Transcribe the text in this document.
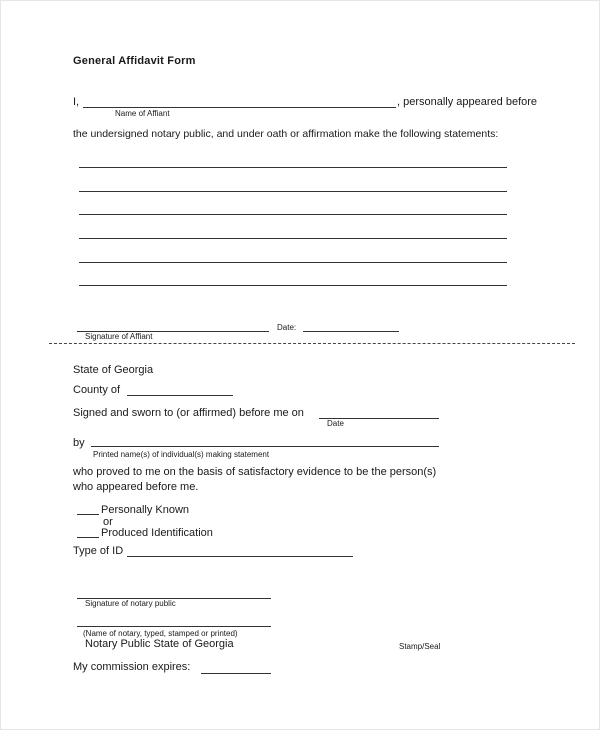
General Affidavit Form
I,	, personally appeared before
Name of Affiant
the undersigned notary public, and under oath or affirmation make the following statements:
Signature of Affiant
Date:
State of Georgia
County of
Signed and sworn to (or affirmed) before me on
Date
by
Printed name(s) of individual(s) making statement
who proved to me on the basis of satisfactory evidence to be the person(s)
who appeared before me.
Personally Known
or
Produced Identification
Type of ID
Signature of notary public
(Name of notary, typed, stamped or printed)
Notary Public State of Georgia	Stamp/Seal
My commission expires:
